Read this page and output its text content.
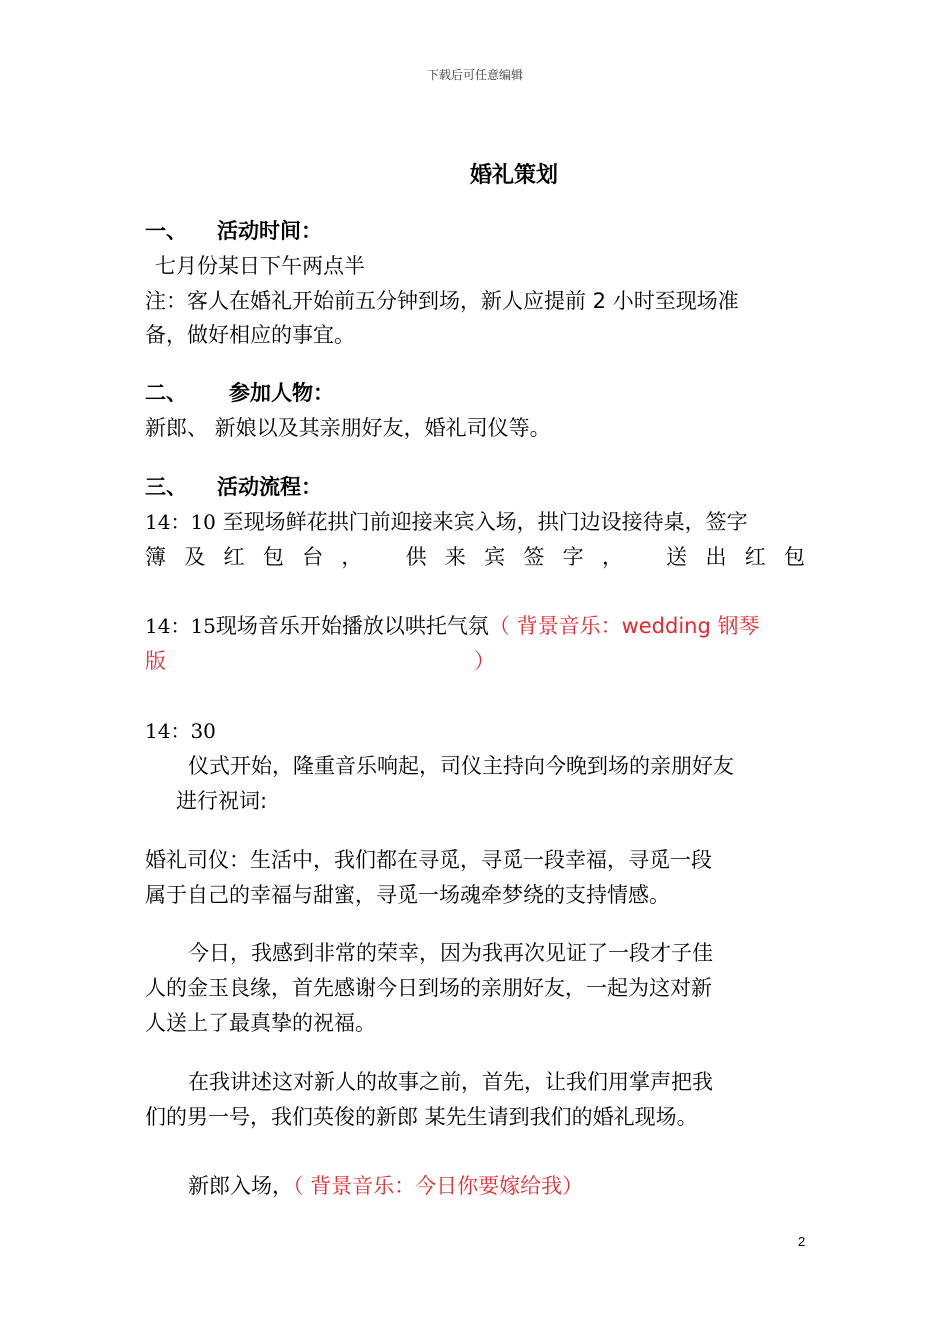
下载后可任意编辑
婚礼策划
一、 活动时间：
七月份某日下午两点半
注：客人在婚礼开始前五分钟到场，新人应提前 2 小时至现场准
备，做好相应的事宜。
二、 参加人物：
新郎、 新娘以及其亲朋好友，婚礼司仪等。
三、 活动流程：
14：10 至现场鲜花拱门前迎接来宾入场，拱门边设接待桌，签字
簿及红包台， 供来宾签字， 送出红包
14：15现场音乐开始播放以哄托气氛（ 背景音乐：wedding 钢琴
版	）
14：30
仪式开始，隆重音乐响起，司仪主持向今晚到场的亲朋好友
进行祝词:
婚礼司仪：生活中，我们都在寻觅，寻觅一段幸福，寻觅一段
属于自己的幸福与甜蜜，寻觅一场魂牵梦绕的支持情感。
今日，我感到非常的荣幸，因为我再次见证了一段才子佳
人的金玉良缘，首先感谢今日到场的亲朋好友，一起为这对新
人送上了最真挚的祝福。
在我讲述这对新人的故事之前，首先，让我们用掌声把我
们的男一号，我们英俊的新郎 某先生请到我们的婚礼现场。
新郎入场，（ 背景音乐：今日你要嫁给我）
2
